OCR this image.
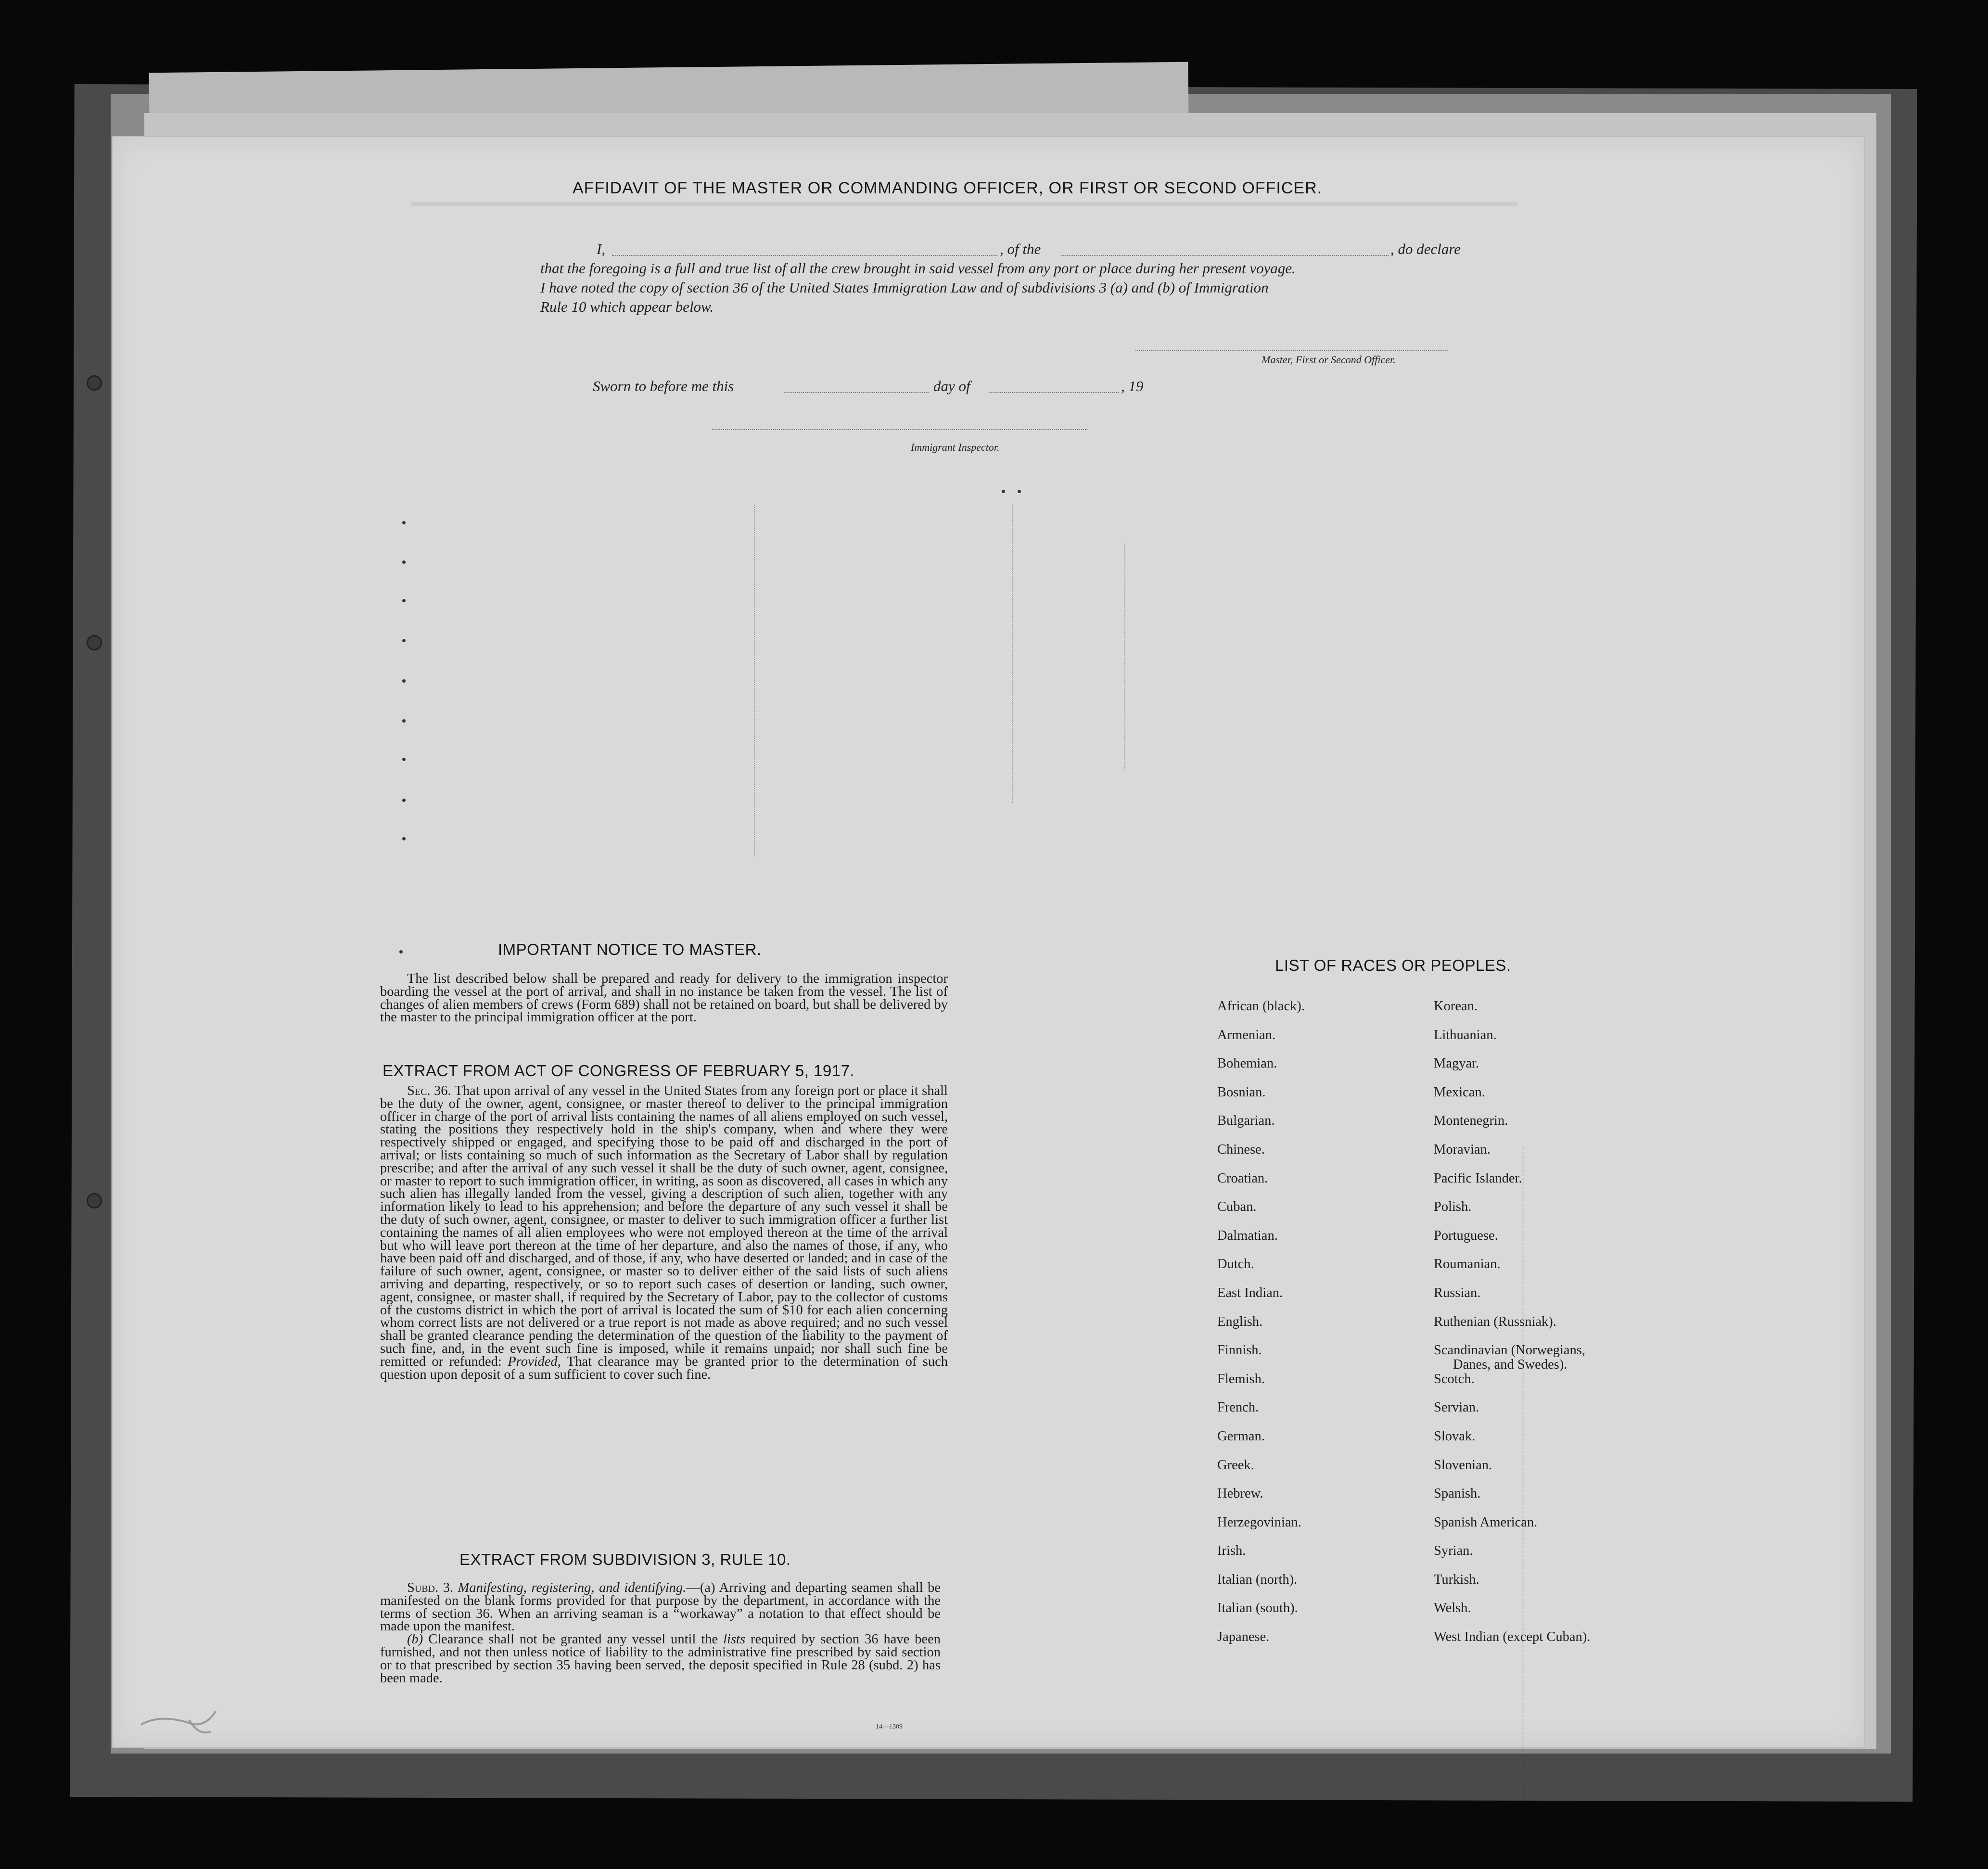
AFFIDAVIT OF THE MASTER OR COMMANDING OFFICER, OR FIRST OR SECOND OFFICER.
I,	, of the	, do declare
that the foregoing is a full and true list of all the crew brought in said vessel from any port or place during her present voyage.
I have noted the copy of section 36 of the United States Immigration Law and of subdivisions 3 (a) and (b) of Immigration
Rule 10 which appear below.
Master, First or Second Officer.
Sworn to before me this	day of	, 19
Immigrant Inspector.
IMPORTANT NOTICE TO MASTER.

The list described below shall be prepared and ready for delivery to the immigration inspector boarding the vessel at the port of arrival, and shall in no instance be taken from the vessel. The list of changes of alien members of crews (Form 689) shall not be retained on board, but shall be delivered by the master to the principal immigration officer at the port.

EXTRACT FROM ACT OF CONGRESS OF FEBRUARY 5, 1917.

Sec. 36. That upon arrival of any vessel in the United States from any foreign port or place it shall be the duty of the owner, agent, consignee, or master thereof to deliver to the principal immigration officer in charge of the port of arrival lists containing the names of all aliens employed on such vessel, stating the positions they respectively hold in the ship's company, when and where they were respectively shipped or engaged, and specifying those to be paid off and discharged in the port of arrival; or lists containing so much of such information as the Secretary of Labor shall by regulation prescribe; and after the arrival of any such vessel it shall be the duty of such owner, agent, consignee, or master to report to such immigration officer, in writing, as soon as discovered, all cases in which any such alien has illegally landed from the vessel, giving a description of such alien, together with any information likely to lead to his apprehension; and before the departure of any such vessel it shall be the duty of such owner, agent, consignee, or master to deliver to such immigration officer a further list containing the names of all alien employees who were not employed thereon at the time of the arrival but who will leave port thereon at the time of her departure, and also the names of those, if any, who have been paid off and discharged, and of those, if any, who have deserted or landed; and in case of the failure of such owner, agent, consignee, or master so to deliver either of the said lists of such aliens arriving and departing, respectively, or so to report such cases of desertion or landing, such owner, agent, consignee, or master shall, if required by the Secretary of Labor, pay to the collector of customs of the customs district in which the port of arrival is located the sum of $10 for each alien concerning whom correct lists are not delivered or a true report is not made as above required; and no such vessel shall be granted clearance pending the determination of the question of the liability to the payment of such fine, and, in the event such fine is imposed, while it remains unpaid; nor shall such fine be remitted or refunded: Provided, That clearance may be granted prior to the determination of such question upon deposit of a sum sufficient to cover such fine.

EXTRACT FROM SUBDIVISION 3, RULE 10.

Subd. 3. Manifesting, registering, and identifying.—(a) Arriving and departing seamen shall be manifested on the blank forms provided for that purpose by the department, in accordance with the terms of section 36. When an arriving seaman is a “workaway” a notation to that effect should be made upon the manifest.

(b) Clearance shall not be granted any vessel until the lists required by section 36 have been furnished, and not then unless notice of liability to the administrative fine prescribed by said section or to that prescribed by section 35 having been served, the deposit specified in Rule 28 (subd. 2) has been made.

14—1309
LIST OF RACES OR PEOPLES.
African (black).
Armenian.
Bohemian.
Bosnian.
Bulgarian.
Chinese.
Croatian.
Cuban.
Dalmatian.
Dutch.
East Indian.
English.
Finnish.
Flemish.
French.
German.
Greek.
Hebrew.
Herzegovinian.
Irish.
Italian (north).
Italian (south).
Japanese.
Korean.
Lithuanian.
Magyar.
Mexican.
Montenegrin.
Moravian.
Pacific Islander.
Polish.
Portuguese.
Roumanian.
Russian.
Ruthenian (Russniak).
Scandinavian (Norwegians,
Danes, and Swedes).
Scotch.
Servian.
Slovak.
Slovenian.
Spanish.
Spanish American.
Syrian.
Turkish.
Welsh.
West Indian (except Cuban).
